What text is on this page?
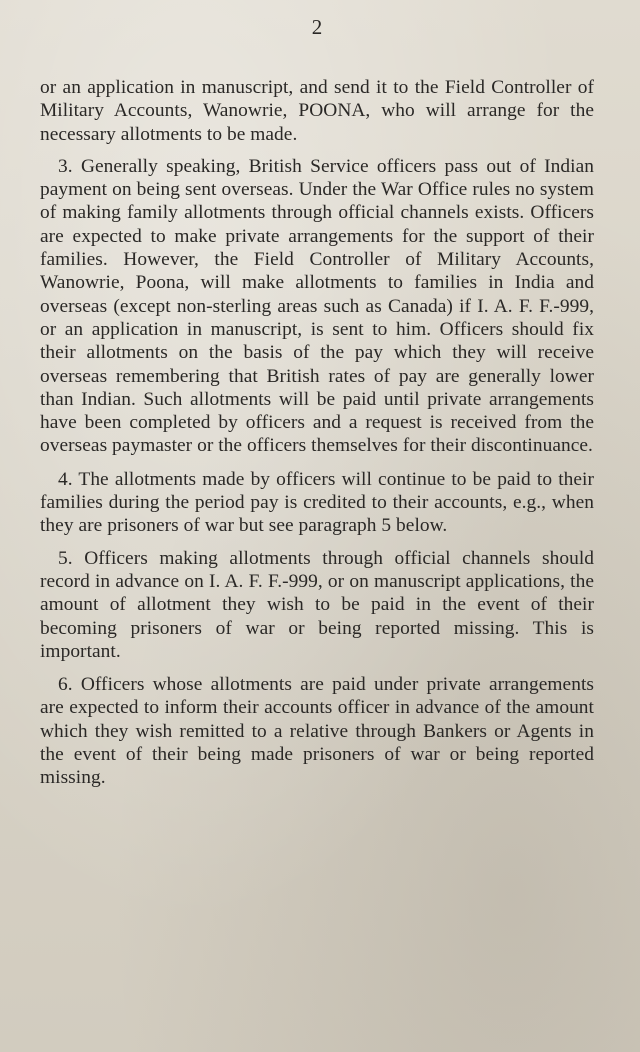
2

or an application in manuscript, and send it to the Field Controller of Military Accounts, Wanowrie, POONA, who will arrange for the necessary allotments to be made.

3. Generally speaking, British Service officers pass out of Indian payment on being sent overseas. Under the War Office rules no system of making family allotments through official channels exists. Officers are expected to make private arrangements for the support of their families. However, the Field Controller of Military Accounts, Wanowrie, Poona, will make allotments to families in India and overseas (except non-sterling areas such as Canada) if I. A. F. F.-999, or an application in manuscript, is sent to him. Officers should fix their allotments on the basis of the pay which they will receive overseas remembering that British rates of pay are generally lower than Indian. Such allotments will be paid until private arrangements have been completed by officers and a request is received from the overseas paymaster or the officers themselves for their discontinuance.

4. The allotments made by officers will continue to be paid to their families during the period pay is credited to their accounts, e.g., when they are prisoners of war but see paragraph 5 below.

5. Officers making allotments through official channels should record in advance on I. A. F. F.-999, or on manuscript applications, the amount of allotment they wish to be paid in the event of their becoming prisoners of war or being reported missing. This is important.

6. Officers whose allotments are paid under private arrangements are expected to inform their accounts officer in advance of the amount which they wish remitted to a relative through Bankers or Agents in the event of their being made prisoners of war or being reported missing.
